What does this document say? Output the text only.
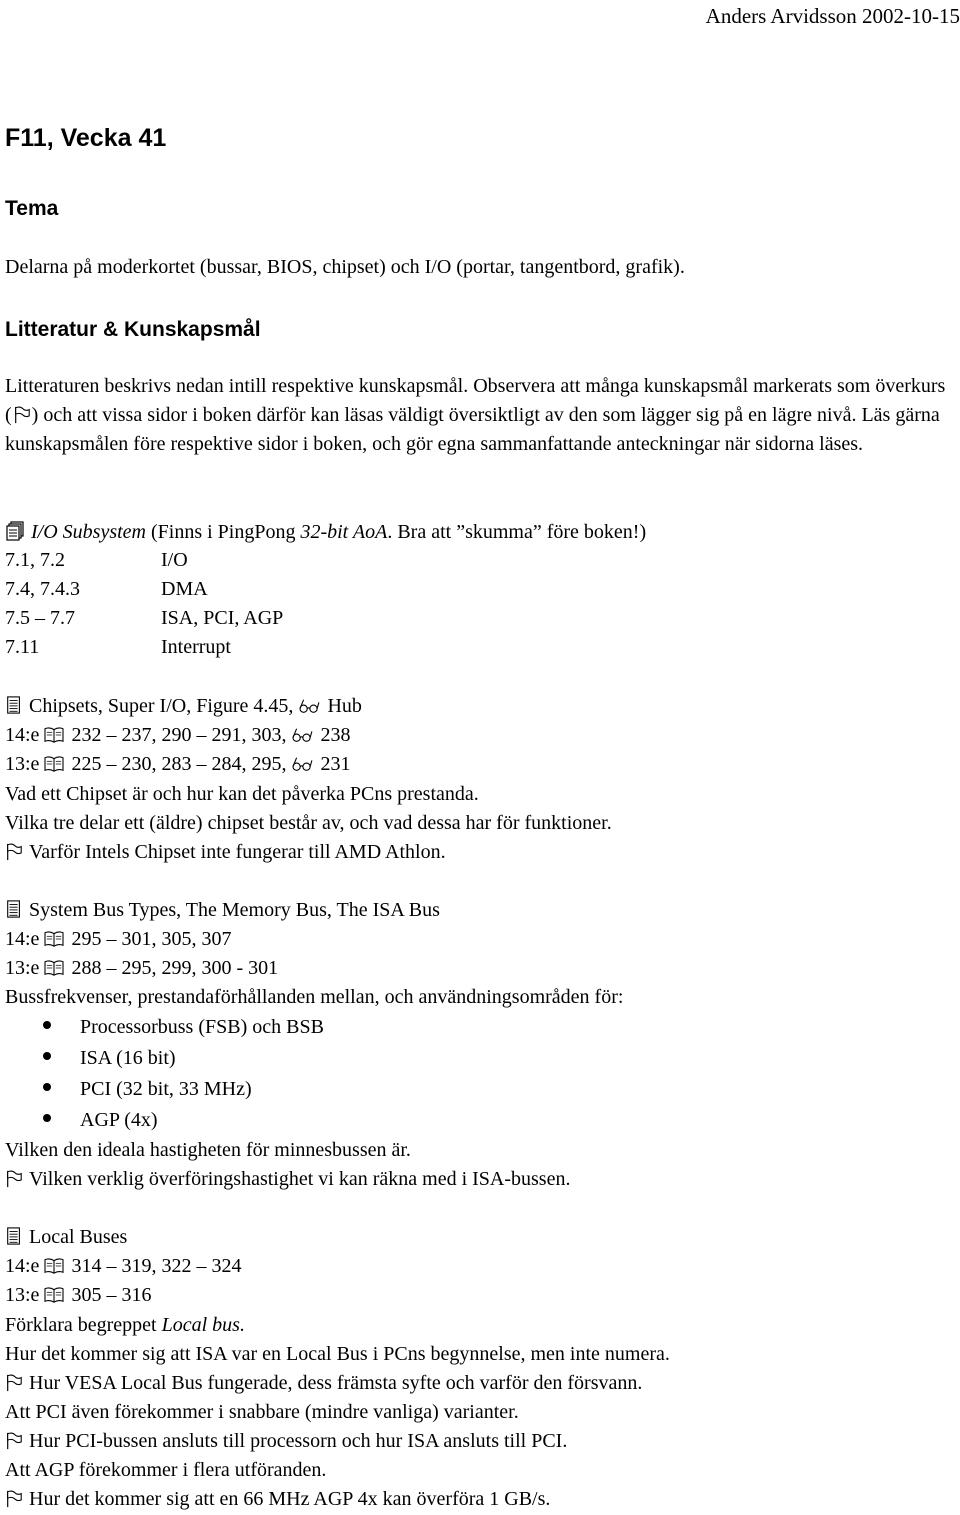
Anders Arvidsson 2002-10-15
F11, Vecka 41
Tema
Delarna på moderkortet (bussar, BIOS, chipset) och I/O (portar, tangentbord, grafik).
Litteratur & Kunskapsmål
Litteraturen beskrivs nedan intill respektive kunskapsmål. Observera att många kunskapsmål markerats som överkurs ( ) och att vissa sidor i boken därför kan läsas väldigt översiktligt av den som lägger sig på en lägre nivå. Läs gärna kunskapsmålen före respektive sidor i boken, och gör egna sammanfattande anteckningar när sidorna läses.
I/O Subsystem (Finns i PingPong 32-bit AoA. Bra att ”skumma” före boken!)
7.1, 7.2	I/O
7.4, 7.4.3	DMA
7.5 – 7.7	ISA, PCI, AGP
7.11	Interrupt
Chipsets, Super I/O, Figure 4.45,  Hub
14:e 232 – 237, 290 – 291, 303,  238
13:e 225 – 230, 283 – 284, 295,  231
Vad ett Chipset är och hur kan det påverka PCns prestanda.
Vilka tre delar ett (äldre) chipset består av, och vad dessa har för funktioner.
Varför Intels Chipset inte fungerar till AMD Athlon.
System Bus Types, The Memory Bus, The ISA Bus
14:e 295 – 301, 305, 307
13:e 288 – 295, 299, 300 - 301
Bussfrekvenser, prestandaförhållanden mellan, och användningsområden för:
Processorbuss (FSB) och BSB
ISA (16 bit)
PCI (32 bit, 33 MHz)
AGP (4x)
Vilken den ideala hastigheten för minnesbussen är.
Vilken verklig överföringshastighet vi kan räkna med i ISA-bussen.
Local Buses
14:e 314 – 319, 322 – 324
13:e 305 – 316
Förklara begreppet Local bus.
Hur det kommer sig att ISA var en Local Bus i PCns begynnelse, men inte numera.
Hur VESA Local Bus fungerade, dess främsta syfte och varför den försvann.
Att PCI även förekommer i snabbare (mindre vanliga) varianter.
Hur PCI-bussen ansluts till processorn och hur ISA ansluts till PCI.
Att AGP förekommer i flera utföranden.
Hur det kommer sig att en 66 MHz AGP 4x kan överföra 1 GB/s.
